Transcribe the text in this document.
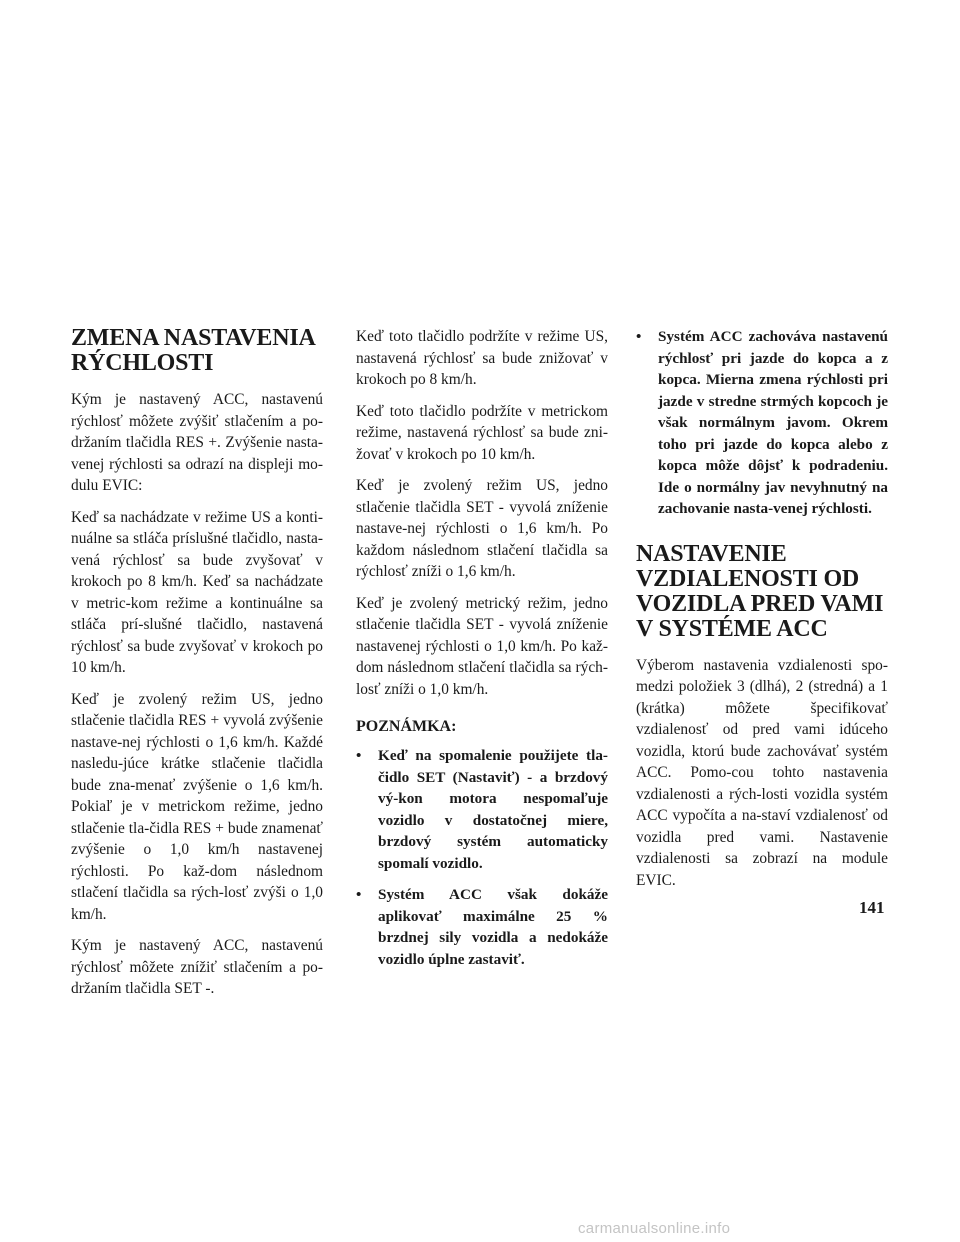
ZMENA NASTAVENIA RÝCHLOSTI

Kým je nastavený ACC, nastavenú rýchlosť môžete zvýšiť stlačením a po-držaním tlačidla RES +. Zvýšenie nasta-venej rýchlosti sa odrazí na displeji mo-dulu EVIC:

Keď sa nachádzate v režime US a konti-nuálne sa stláča príslušné tlačidlo, nasta-vená rýchlosť sa bude zvyšovať v krokoch po 8 km/h. Keď sa nachádzate v metric-kom režime a kontinuálne sa stláča prí-slušné tlačidlo, nastavená rýchlosť sa bude zvyšovať v krokoch po 10 km/h.

Keď je zvolený režim US, jedno stlačenie tlačidla RES + vyvolá zvýšenie nastave-nej rýchlosti o 1,6 km/h. Každé nasledu-júce krátke stlačenie tlačidla bude zna-menať zvýšenie o 1,6 km/h. Pokiaľ je v metrickom režime, jedno stlačenie tla-čidla RES + bude znamenať zvýšenie o 1,0 km/h nastavenej rýchlosti. Po kaž-dom následnom stlačení tlačidla sa rých-losť zvýši o 1,0 km/h.

Kým je nastavený ACC, nastavenú rýchlosť môžete znížiť stlačením a po-držaním tlačidla SET -.

Keď toto tlačidlo podržíte v režime US, nastavená rýchlosť sa bude znižovať v krokoch po 8 km/h.

Keď toto tlačidlo podržíte v metrickom režime, nastavená rýchlosť sa bude zni-žovať v krokoch po 10 km/h.

Keď je zvolený režim US, jedno stlačenie tlačidla SET - vyvolá zníženie nastave-nej rýchlosti o 1,6 km/h. Po každom následnom stlačení tlačidla sa rýchlosť zníži o 1,6 km/h.

Keď je zvolený metrický režim, jedno stlačenie tlačidla SET - vyvolá zníženie nastavenej rýchlosti o 1,0 km/h. Po kaž-dom následnom stlačení tlačidla sa rých-losť zníži o 1,0 km/h.

POZNÁMKA:
• Keď na spomalenie použijete tla-čidlo SET (Nastaviť) - a brzdový vý-kon motora nespomaľuje vozidlo v dostatočnej miere, brzdový systém automaticky spomalí vozidlo.
• Systém ACC však dokáže aplikovať maximálne 25 % brzdnej sily vozidla a nedokáže vozidlo úplne zastaviť.
• Systém ACC zachováva nastavenú rýchlosť pri jazde do kopca a z kopca. Mierna zmena rýchlosti pri jazde v stredne strmých kopcoch je však normálnym javom. Okrem toho pri jazde do kopca alebo z kopca môže dôjsť k podradeniu. Ide o normálny jav nevyhnutný na zachovanie nasta-venej rýchlosti.
NASTAVENIE VZDIALENOSTI OD VOZIDLA PRED VAMI V SYSTÉME ACC

Výberom nastavenia vzdialenosti spo-medzi položiek 3 (dlhá), 2 (stredná) a 1 (krátka) môžete špecifikovať vzdialenosť od pred vami idúceho vozidla, ktorú bude zachovávať systém ACC. Pomo-cou tohto nastavenia vzdialenosti a rých-losti vozidla systém ACC vypočíta a na-staví vzdialenosť od vozidla pred vami. Nastavenie vzdialenosti sa zobrazí na module EVIC.

141
carmanualsonline.info
